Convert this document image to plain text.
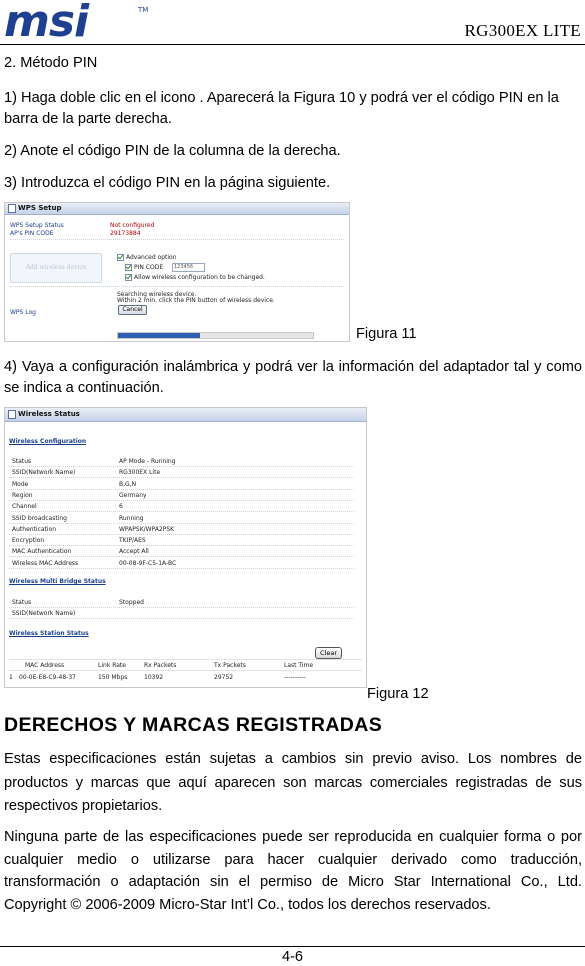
msi	TM
RG300EX LITE
2. Método PIN
1) Haga doble clic en el icono . Aparecerá la Figura 10 y podrá ver el código PIN en la barra de la parte derecha.
2) Anote el código PIN de la columna de la derecha.
3) Introduzca el código PIN en la página siguiente.
WPS Setup
WPS Setup Status	Not configured
AP's PIN CODE	29173884
Add wireless device
Advanced option
PIN CODE	123456
Allow wireless configuration to be changed.
Searching wireless device.
Within 2 min. click the PIN button of wireless device.
Cancel
WPS Log
Figura 11
4) Vaya a configuración inalámbrica y podrá ver la información del adaptador tal y como se indica a continuación.
Wireless Status
Wireless Configuration
Status	AP Mode - Running
SSID(Network Name)	RG300EX Lite
Mode	B,G,N
Region	Germany
Channel	6
SSID broadcasting	Running
Authentication	WPAPSK/WPA2PSK
Encryption	TKIP/AES
MAC Authentication	Accept All
Wireless MAC Address	00-08-9F-C5-1A-BC
Wireless Multi Bridge Status
Status	Stopped
SSID(Network Name)
Wireless Station Status
Clear
MAC Address	Link Rate	Rx Packets	Tx Packets	Last Time
1 00-0E-E8-C9-48-37	150 Mbps	10392	29752	----------
Figura 12
DERECHOS Y MARCAS REGISTRADAS
Estas especificaciones están sujetas a cambios sin previo aviso. Los nombres de productos y marcas que aquí aparecen son marcas comerciales registradas de sus respectivos propietarios.
Ninguna parte de las especificaciones puede ser reproducida en cualquier forma o por cualquier medio o utilizarse para hacer cualquier derivado como traducción, transformación o adaptación sin el permiso de Micro Star International Co., Ltd. Copyright © 2006-2009 Micro-Star Int’l Co., todos los derechos reservados.
4-6
